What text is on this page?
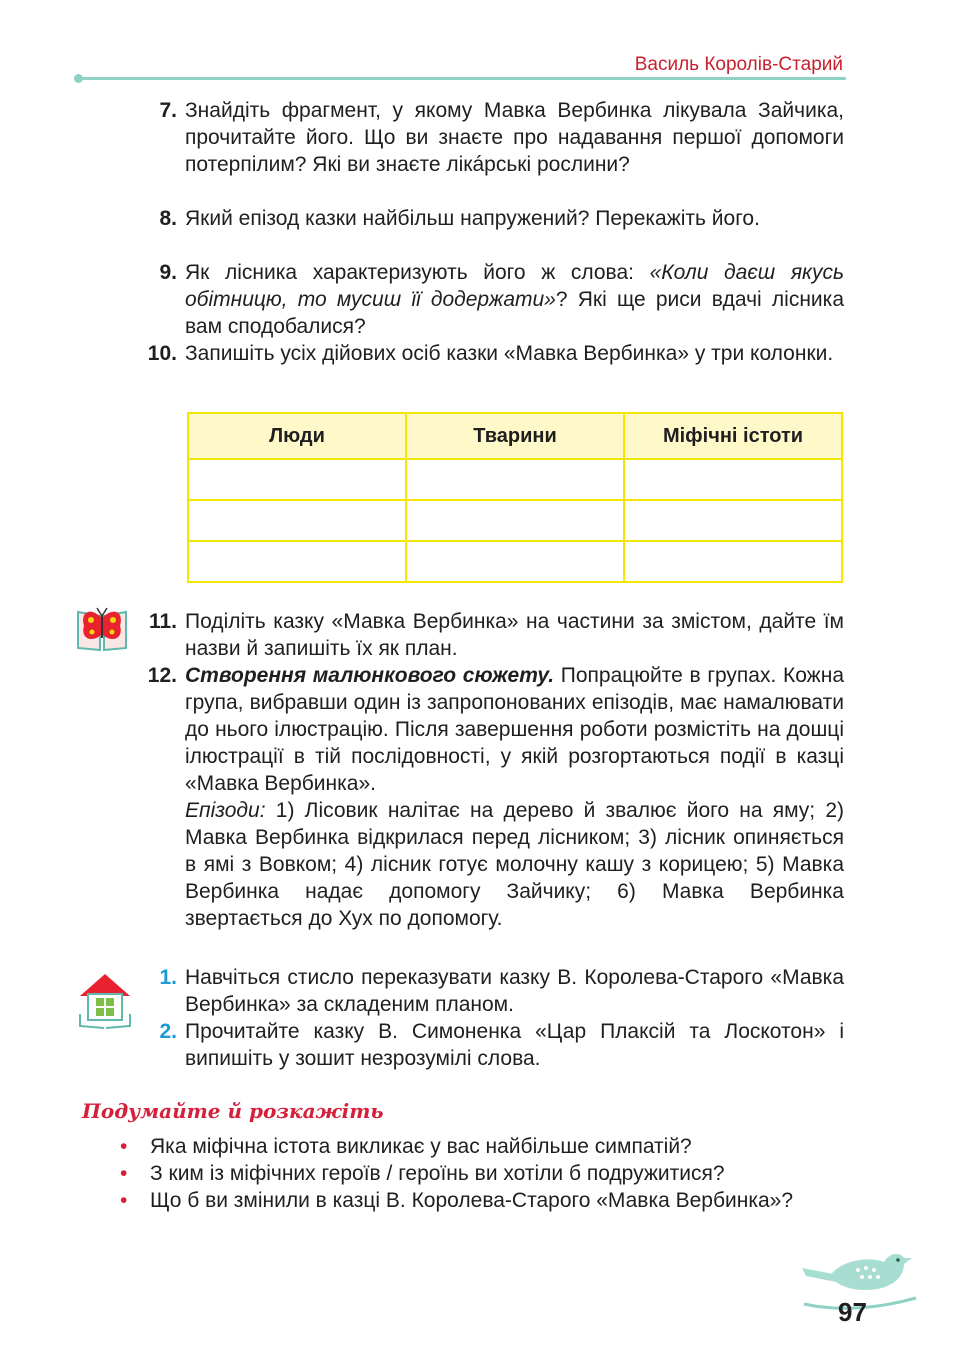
Василь Королів-Старий
7. Знайдіть фрагмент, у якому Мавка Вербинка лікувала Зайчика, прочитайте його. Що ви знаєте про надавання першої допомоги потерпілим? Які ви знаєте лікáрські рослини?
8. Який епізод казки найбільш напружений? Перекажіть його.
9. Як лісника характеризують його ж слова: «Коли даєш якусь обітницю, то мусиш її додержати»? Які ще риси вдачі лісника вам сподобалися?
10. Запишіть усіх дійових осіб казки «Мавка Вербинка» у три колонки.
Люди	Тварини	Міфічні істоти

11. Поділіть казку «Мавка Вербинка» на частини за змістом, дайте їм назви й запишіть їх як план.
12. Створення малюнкового сюжету. Попрацюйте в групах. Кожна група, вибравши один із запропонованих епізодів, має намалювати до нього ілюстрацію. Після завершення роботи розмістіть на дошці ілюстрації в тій послідовності, у якій розгортаються події в казці «Мавка Вербинка».
Епізоди: 1) Лісовик налітає на дерево й звалює його на яму; 2) Мавка Вербинка відкрилася перед лісником; 3) лісник опиняється в ямі з Вовком; 4) лісник готує молочну кашу з корицею; 5) Мавка Вербинка надає допомогу Зайчику; 6) Мавка Вербинка звертається до Хух по допомогу.
1. Навчіться стисло переказувати казку В. Королева-Старого «Мавка Вербинка» за складеним планом.
2. Прочитайте казку В. Симоненка «Цар Плаксій та Лоскотон» і випишіть у зошит незрозумілі слова.
Подумайте й розкажіть
• Яка міфічна істота викликає у вас найбільше симпатій?
• З ким із міфічних героїв / героїнь ви хотіли б подружитися?
• Що б ви змінили в казці В. Королева-Старого «Мавка Вербинка»?
97
